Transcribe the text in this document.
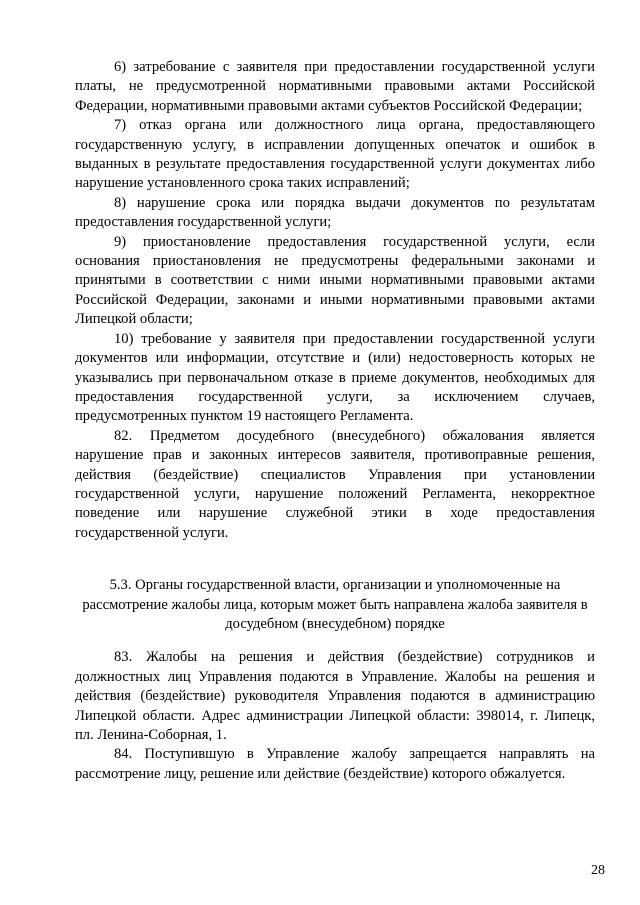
6) затребование с заявителя при предоставлении государственной услуги платы, не предусмотренной нормативными правовыми актами Российской Федерации, нормативными правовыми актами субъектов Российской Федерации;

7) отказ органа или должностного лица органа, предоставляющего государственную услугу, в исправлении допущенных опечаток и ошибок в выданных в результате предоставления государственной услуги документах либо нарушение установленного срока таких исправлений;

8) нарушение срока или порядка выдачи документов по результатам предоставления государственной услуги;

9) приостановление предоставления государственной услуги, если основания приостановления не предусмотрены федеральными законами и принятыми в соответствии с ними иными нормативными правовыми актами Российской Федерации, законами и иными нормативными правовыми актами Липецкой области;

10) требование у заявителя при предоставлении государственной услуги документов или информации, отсутствие и (или) недостоверность которых не указывались при первоначальном отказе в приеме документов, необходимых для предоставления государственной услуги, за исключением случаев, предусмотренных пунктом 19 настоящего Регламента.

82. Предметом досудебного (внесудебного) обжалования является нарушение прав и законных интересов заявителя, противоправные решения, действия (бездействие) специалистов Управления при установлении государственной услуги, нарушение положений Регламента, некорректное поведение или нарушение служебной этики в ходе предоставления государственной услуги.

5.3. Органы государственной власти, организации и уполномоченные на рассмотрение жалобы лица, которым может быть направлена жалоба заявителя в досудебном (внесудебном) порядке

83. Жалобы на решения и действия (бездействие) сотрудников и должностных лиц Управления подаются в Управление. Жалобы на решения и действия (бездействие) руководителя Управления подаются в администрацию Липецкой области. Адрес администрации Липецкой области: 398014, г. Липецк, пл. Ленина-Соборная, 1.

84. Поступившую в Управление жалобу запрещается направлять на рассмотрение лицу, решение или действие (бездействие) которого обжалуется.

28
